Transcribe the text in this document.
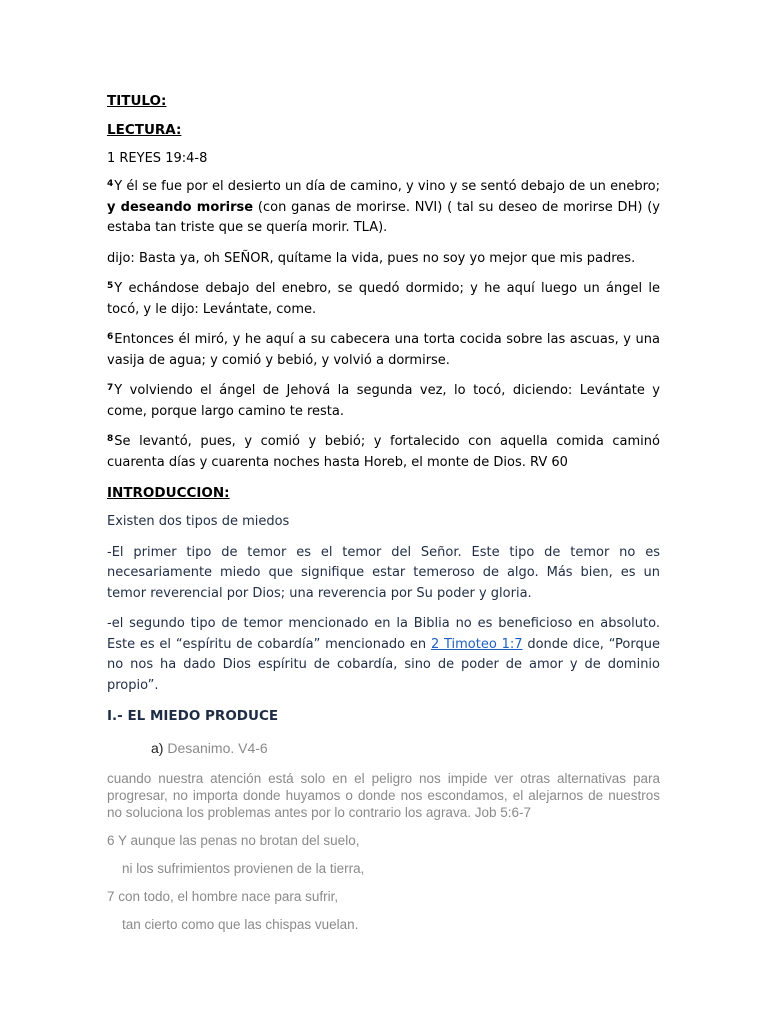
TITULO:
LECTURA:
1 REYES 19:4-8

$^4$Y él se fue por el desierto un día de camino, y vino y se sentó debajo de un enebro; y deseando morirse (con ganas de morirse. NVI) ( tal su deseo de morirse DH) (y estaba tan triste que se quería morir. TLA).

dijo: Basta ya, oh SEÑOR, quítame la vida, pues no soy yo mejor que mis padres.

$^5$Y echándose debajo del enebro, se quedó dormido; y he aquí luego un ángel le tocó, y le dijo: Levántate, come.

$^6$Entonces él miró, y he aquí a su cabecera una torta cocida sobre las ascuas, y una vasija de agua; y comió y bebió, y volvió a dormirse.

$^7$Y volviendo el ángel de Jehová la segunda vez, lo tocó, diciendo: Levántate y come, porque largo camino te resta.

$^8$Se levantó, pues, y comió y bebió; y fortalecido con aquella comida caminó cuarenta días y cuarenta noches hasta Horeb, el monte de Dios. RV 60

INTRODUCCION:

Existen dos tipos de miedos

-El primer tipo de temor es el temor del Señor. Este tipo de temor no es necesariamente miedo que signifique estar temeroso de algo. Más bien, es un temor reverencial por Dios; una reverencia por Su poder y gloria.

-el segundo tipo de temor mencionado en la Biblia no es beneficioso en absoluto. Este es el “espíritu de cobardía” mencionado en 2 Timoteo 1:7 donde dice, “Porque no nos ha dado Dios espíritu de cobardía, sino de poder de amor y de dominio propio”.

I.- EL MIEDO PRODUCE
a) Desanimo. V4-6

cuando nuestra atención está solo en el peligro nos impide ver otras alternativas para progresar, no importa donde huyamos o donde nos escondamos, el alejarnos de nuestros no soluciona los problemas antes por lo contrario los agrava. Job 5:6-7

6 Y aunque las penas no brotan del suelo,

ni los sufrimientos provienen de la tierra,

7 con todo, el hombre nace para sufrir,

tan cierto como que las chispas vuelan.
